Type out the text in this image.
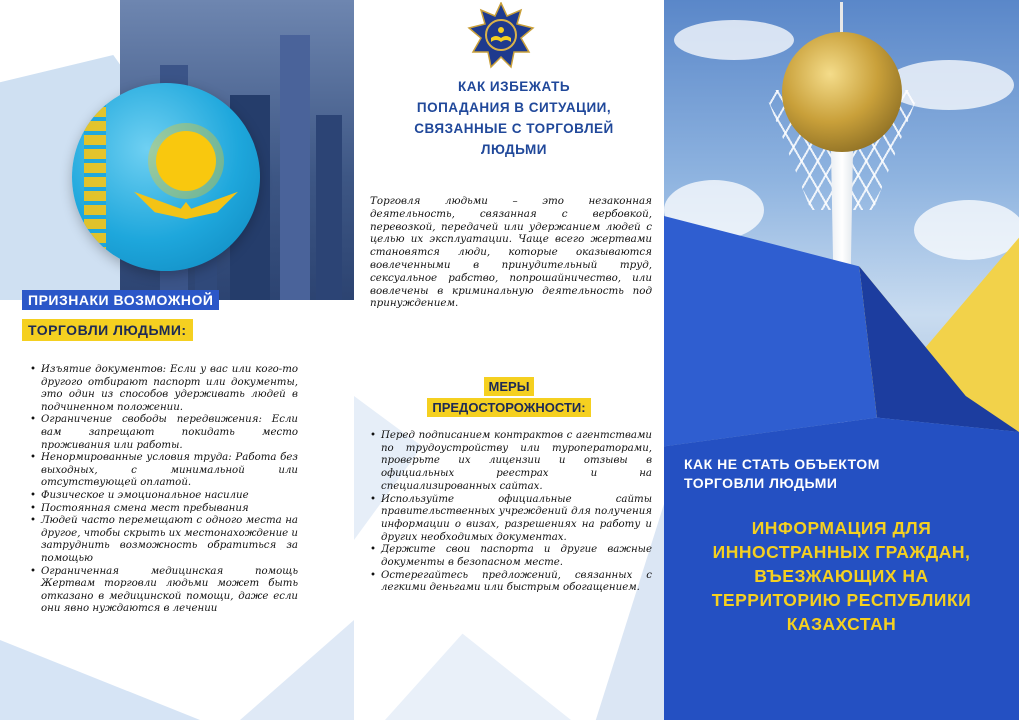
ПРИЗНАКИ ВОЗМОЖНОЙ
ТОРГОВЛИ ЛЮДЬМИ:
• Изъятие документов: Если у вас или кого-то другого отбирают паспорт или документы, это один из способов удерживать людей в подчиненном положении.
• Ограничение свободы передвижения: Если вам запрещают покидать место проживания или работы.
• Ненормированные условия труда: Работа без выходных, с минимальной или отсутствующей оплатой.
• Физическое и эмоциональное насилие
• Постоянная смена мест пребывания
• Людей часто перемещают с одного места на другое, чтобы скрыть их местонахождение и затруднить возможность обратиться за помощью
• Ограниченная медицинская помощь Жертвам торговли людьми может быть отказано в медицинской помощи, даже если они явно нуждаются в лечении
КАК ИЗБЕЖАТЬ
ПОПАДАНИЯ В СИТУАЦИИ,
СВЯЗАННЫЕ С ТОРГОВЛЕЙ
ЛЮДЬМИ

Торговля людьми – это незаконная деятельность, связанная с вербовкой, перевозкой, передачей или удержанием людей с целью их эксплуатации. Чаще всего жертвами становятся люди, которые оказываются вовлеченными в принудительный труд, сексуальное рабство, попрошайничество, или вовлечены в криминальную деятельность под принуждением.

МЕРЫ
ПРЕДОСТОРОЖНОСТИ:
• Перед подписанием контрактов с агентствами по трудоустройству или туроператорами, проверьте их лицензии и отзывы в официальных реестрах и на специализированных сайтах.
• Используйте официальные сайты правительственных учреждений для получения информации о визах, разрешениях на работу и других необходимых документах.
• Держите свои паспорта и другие важные документы в безопасном месте.
• Остерегайтесь предложений, связанных с легкими деньгами или быстрым обогащением.
КАК НЕ СТАТЬ ОБЪЕКТОМ
ТОРГОВЛИ ЛЮДЬМИ
ИНФОРМАЦИЯ ДЛЯ
ИННОСТРАННЫХ ГРАЖДАН,
ВЪЕЗЖАЮЩИХ НА
ТЕРРИТОРИЮ РЕСПУБЛИКИ
КАЗАХСТАН
